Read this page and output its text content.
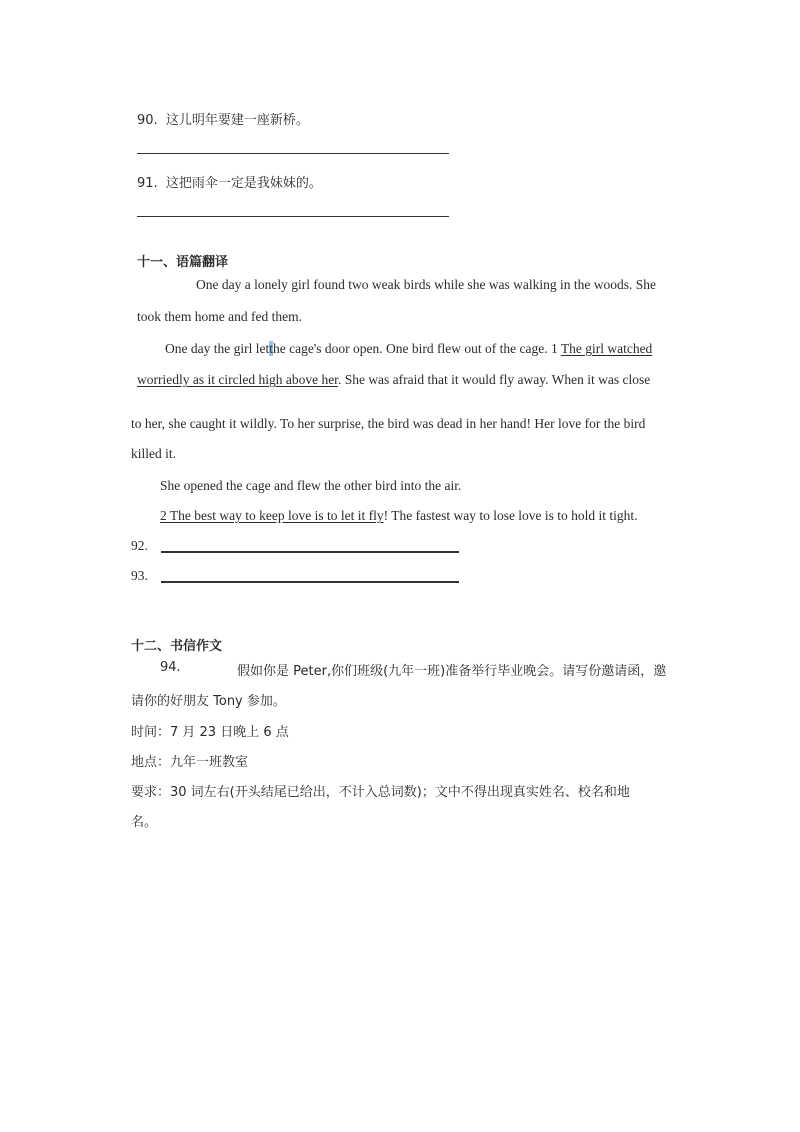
90. 这儿明年要建一座新桥。
91. 这把雨伞一定是我妹妹的。
十一、语篇翻译
One day a lonely girl found two weak birds while she was walking in the woods. She
took them home and fed them.
One day the girl letthe cage's door open. One bird flew out of the cage. 1 The girl watched
worriedly as it circled high above her. She was afraid that it would fly away. When it was close
to her, she caught it wildly. To her surprise, the bird was dead in her hand! Her love for the bird
killed it.
She opened the cage and flew the other bird into the air.
2 The best way to keep love is to let it fly! The fastest way to lose love is to hold it tight.
92.
93.
十二、书信作文
94.	假如你是 Peter,你们班级(九年一班)准备举行毕业晚会。请写份邀请函，邀
请你的好朋友 Tony 参加。
时间：7 月 23 日晚上 6 点
地点：九年一班教室
要求：30 词左右(开头结尾已给出，不计入总词数)；文中不得出现真实姓名、校名和地
名。
